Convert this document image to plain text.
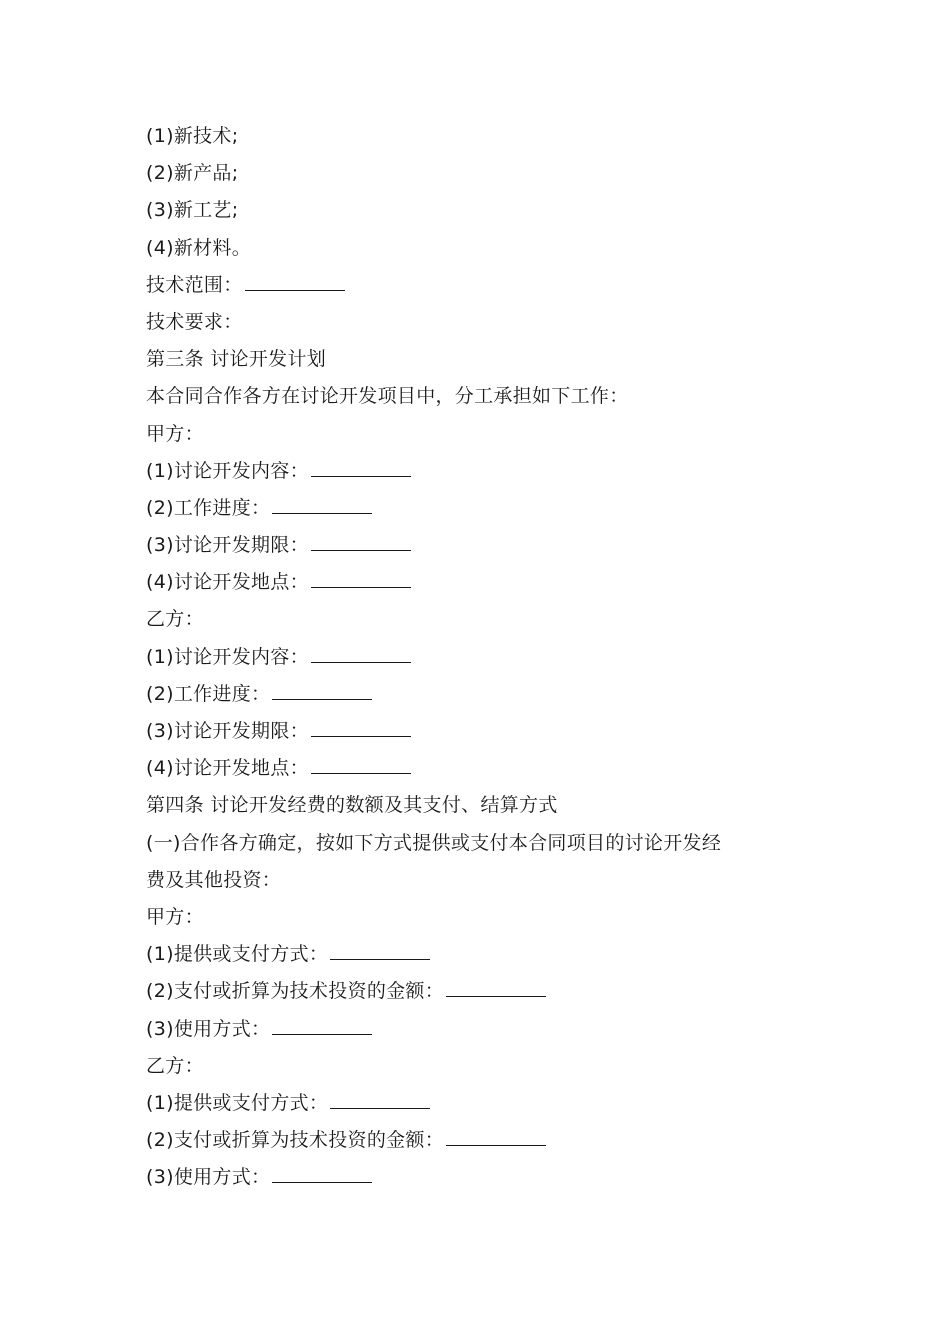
(1)新技术;
(2)新产品;
(3)新工艺;
(4)新材料。
技术范围：
技术要求：
第三条 讨论开发计划
本合同合作各方在讨论开发项目中，分工承担如下工作：
甲方：
(1)讨论开发内容：
(2)工作进度：
(3)讨论开发期限：
(4)讨论开发地点：
乙方：
(1)讨论开发内容：
(2)工作进度：
(3)讨论开发期限：
(4)讨论开发地点：
第四条 讨论开发经费的数额及其支付、结算方式
(一)合作各方确定，按如下方式提供或支付本合同项目的讨论开发经
费及其他投资：
甲方：
(1)提供或支付方式：
(2)支付或折算为技术投资的金额：
(3)使用方式：
乙方：
(1)提供或支付方式：
(2)支付或折算为技术投资的金额：
(3)使用方式：
